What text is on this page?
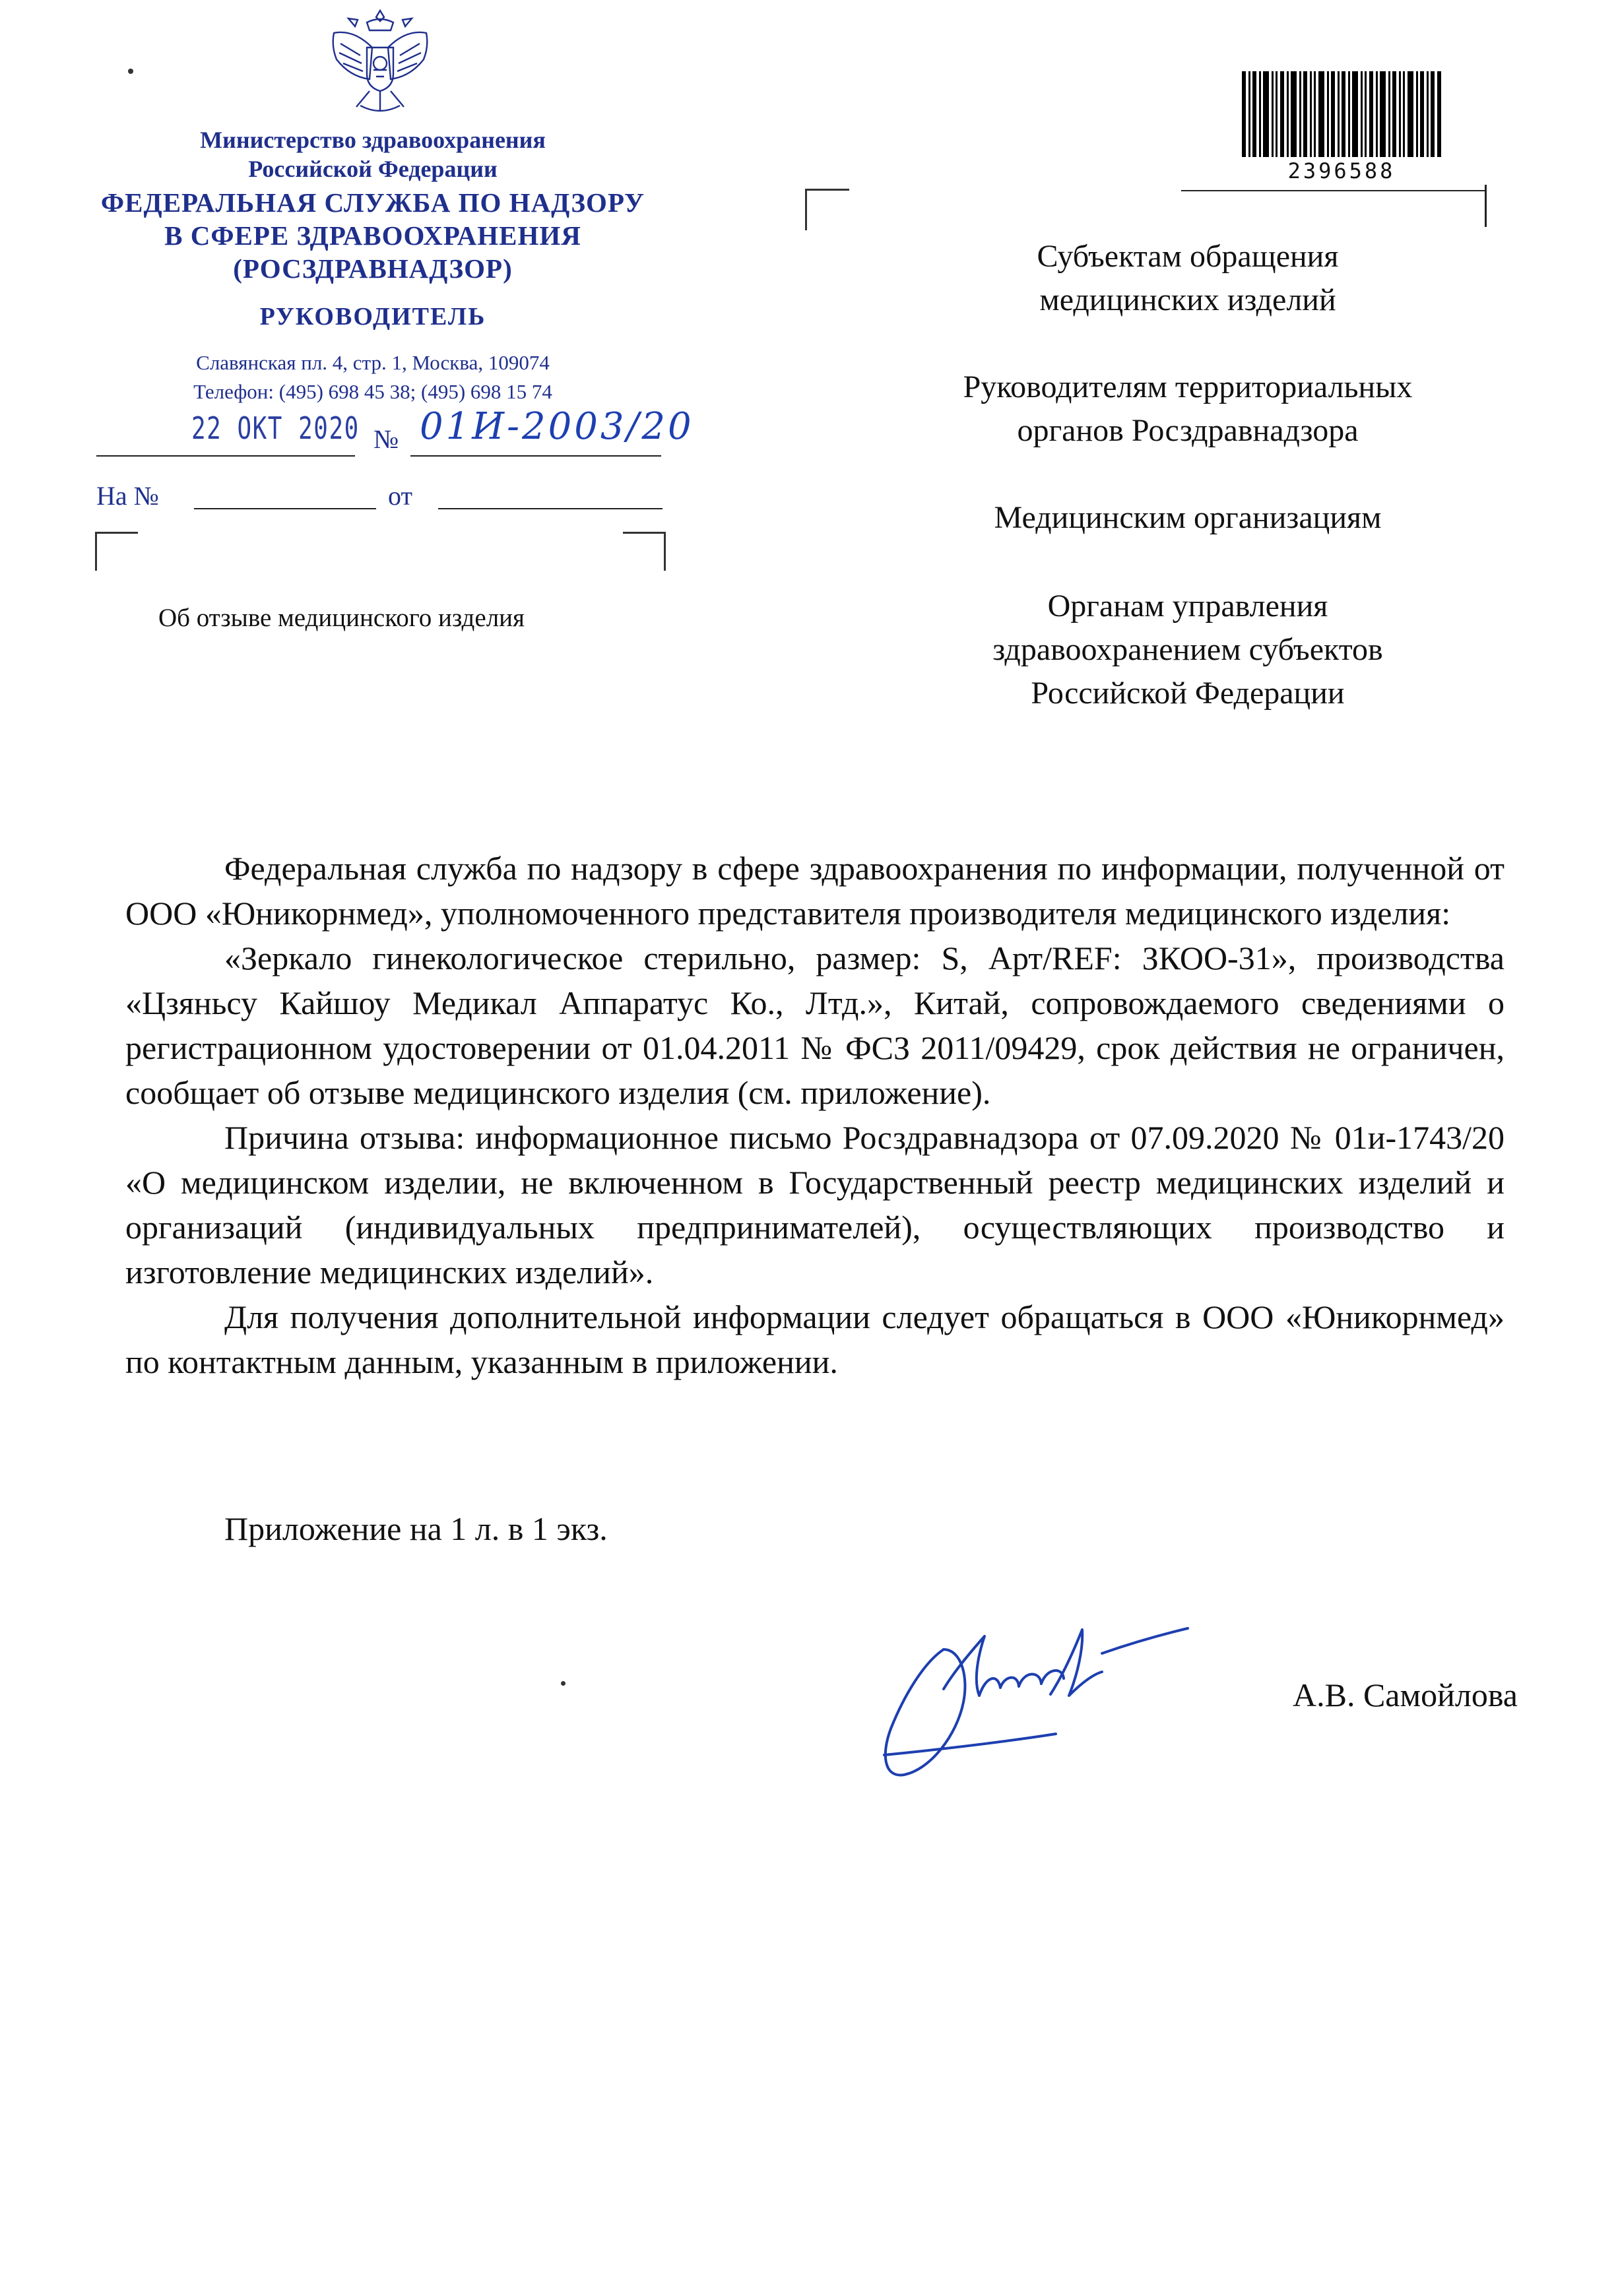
Министерство здравоохранения
Российской Федерации
ФЕДЕРАЛЬНАЯ СЛУЖБА ПО НАДЗОРУ
В СФЕРЕ ЗДРАВООХРАНЕНИЯ
(РОСЗДРАВНАДЗОР)
РУКОВОДИТЕЛЬ
Славянская пл. 4, стр. 1, Москва, 109074
Телефон: (495) 698 45 38; (495) 698 15 74
22 ОКТ 2020 № 01И-2003/20
На №	от
Об отзыве медицинского изделия
2396588
Субъектам обращения
медицинских изделий
Руководителям территориальных
органов Росздравнадзора
Медицинским организациям
Органам управления
здравоохранением субъектов
Российской Федерации

Федеральная служба по надзору в сфере здравоохранения по информации, полученной от ООО «Юникорнмед», уполномоченного представителя производителя медицинского изделия:

«Зеркало гинекологическое стерильно, размер: S, Арт/REF: ЗКОО-31», производства «Цзяньсу Кайшоу Медикал Аппаратус Ко., Лтд.», Китай, сопровождаемого сведениями о регистрационном удостоверении от 01.04.2011 № ФСЗ 2011/09429, срок действия не ограничен, сообщает об отзыве медицинского изделия (см. приложение).

Причина отзыва: информационное письмо Росздравнадзора от 07.09.2020 № 01и-1743/20 «О медицинском изделии, не включенном в Государственный реестр медицинских изделий и организаций (индивидуальных предпринимателей), осуществляющих производство и изготовление медицинских изделий».

Для получения дополнительной информации следует обращаться в ООО «Юникорнмед» по контактным данным, указанным в приложении.

Приложение на 1 л. в 1 экз.
А.В. Самойлова
